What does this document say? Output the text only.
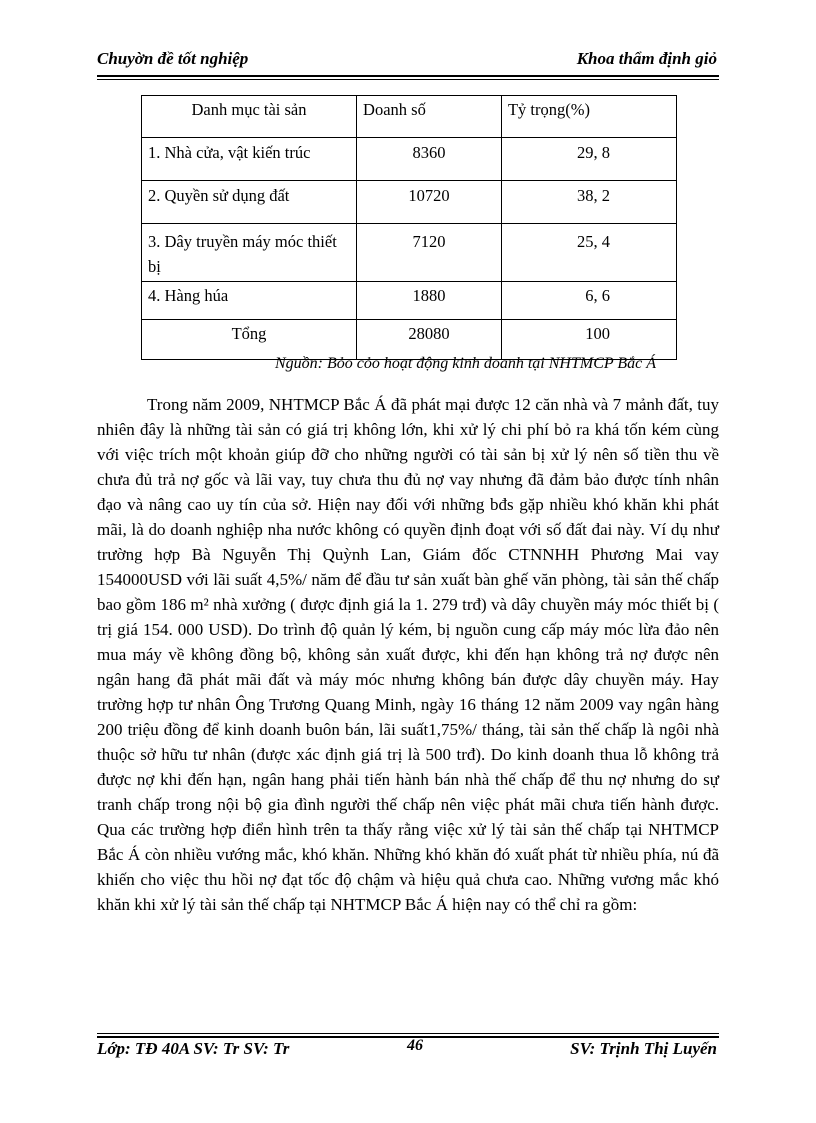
Chuyờn đề tốt nghiệp	Khoa thẩm định giỏ
Danh mục tài sản	Doanh số	Tỷ trọng(%)
1. Nhà cửa, vật kiến trúc	8360	29, 8
2. Quyền sử dụng đất	10720	38, 2
3. Dây truyền máy móc thiết bị	7120	25, 4
4. Hàng húa	1880	6, 6
Tổng	28080	100
Nguồn: Bỏo cỏo hoạt động kinh doanh tại NHTMCP Bắc Á
Trong năm 2009, NHTMCP Bắc Á đã phát mại được 12 căn nhà và 7 mảnh đất, tuy nhiên đây là những tài sản có giá trị không lớn, khi xử lý chi phí bỏ ra khá tốn kém cùng với việc trích một khoản giúp đỡ cho những người có tài sản bị xử lý nên số tiền thu về chưa đủ trả nợ gốc và lãi vay, tuy chưa thu đủ nợ vay nhưng đã đảm bảo được tính nhân đạo và nâng cao uy tín của sở. Hiện nay đối với những bđs gặp nhiều khó khăn khi phát mãi, là do doanh nghiệp nha nước không có quyền định đoạt với số đất đai này. Ví dụ như trường hợp Bà Nguyễn Thị Quỳnh Lan, Giám đốc CTNNHH Phương Mai vay 154000USD với lãi suất 4,5%/ năm để đầu tư sản xuất bàn ghế văn phòng, tài sản thế chấp bao gồm 186 m² nhà xưởng ( được định giá la 1. 279 trđ) và dây chuyền máy móc thiết bị ( trị giá 154. 000 USD). Do trình độ quản lý kém, bị nguồn cung cấp máy móc lừa đảo nên mua máy về không đồng bộ, không sản xuất được, khi đến hạn không trả nợ được nên ngân hang đã phát mãi đất và máy móc nhưng không bán được dây chuyền máy. Hay trường hợp tư nhân Ông Trương Quang Minh, ngày 16 tháng 12 năm 2009 vay ngân hàng 200 triệu đồng để kinh doanh buôn bán, lãi suất1,75%/ tháng, tài sản thế chấp là ngôi nhà thuộc sở hữu tư nhân (được xác định giá trị là 500 trđ). Do kinh doanh thua lỗ không trả được nợ khi đến hạn, ngân hang phải tiến hành bán nhà thế chấp để thu nợ nhưng do sự tranh chấp trong nội bộ gia đình người thế chấp nên việc phát mãi chưa tiến hành được. Qua các trường hợp điển hình trên ta thấy rằng việc xử lý tài sản thế chấp tại NHTMCP Bắc Á còn nhiều vướng mắc, khó khăn. Những khó khăn đó xuất phát từ nhiều phía, nú đã khiến cho việc thu hồi nợ đạt tốc độ chậm và hiệu quả chưa cao. Những vương mắc khó khăn khi xử lý tài sản thế chấp tại NHTMCP Bắc Á hiện nay có thể chỉ ra gồm:
Lớp: TĐ 40A SV: Tr SV: Tr	46	SV: Trịnh Thị Luyến
